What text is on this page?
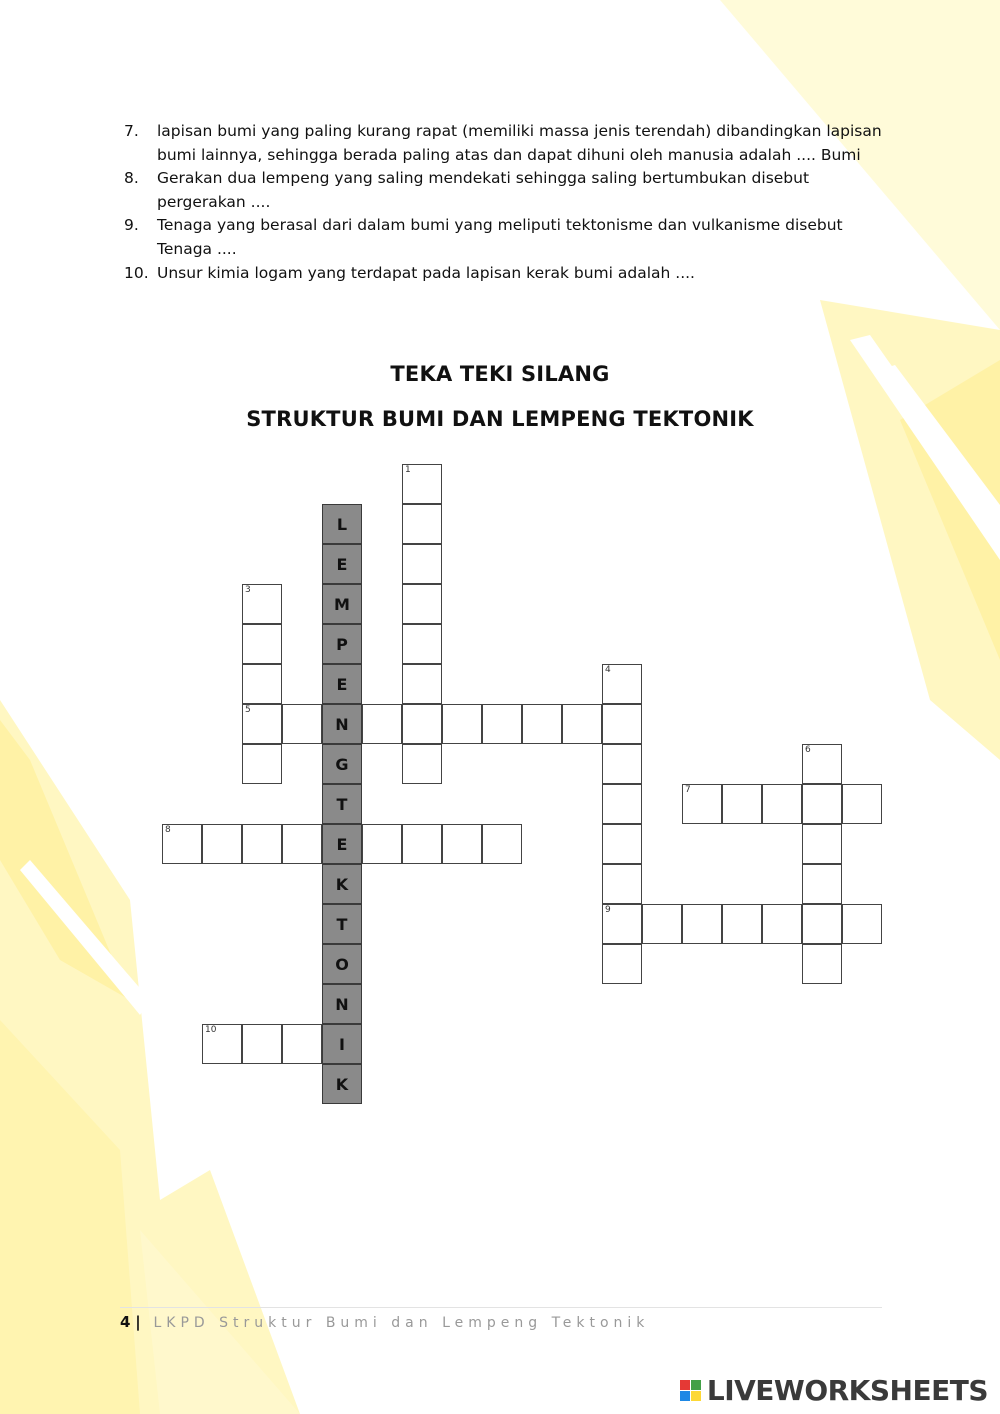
7.	lapisan bumi yang paling kurang rapat (memiliki massa jenis terendah) dibandingkan lapisan bumi lainnya, sehingga berada paling atas dan dapat dihuni oleh manusia adalah .... Bumi
8.	Gerakan dua lempeng yang saling mendekati sehingga saling bertumbukan disebut pergerakan ....
9.	Tenaga yang berasal dari dalam bumi yang meliputi tektonisme dan vulkanisme disebut Tenaga ....
10. Unsur kimia logam yang terdapat pada lapisan kerak bumi adalah ....
TEKA TEKI SILANG
STRUKTUR BUMI DAN LEMPENG TEKTONIK
1
3
5
4
9
N
6
7
8
E
10
I
L
E
M
P
E
G
T
K
T
O
N
K
4 | LKPD Struktur Bumi dan Lempeng Tektonik
LIVEWORKSHEETS
